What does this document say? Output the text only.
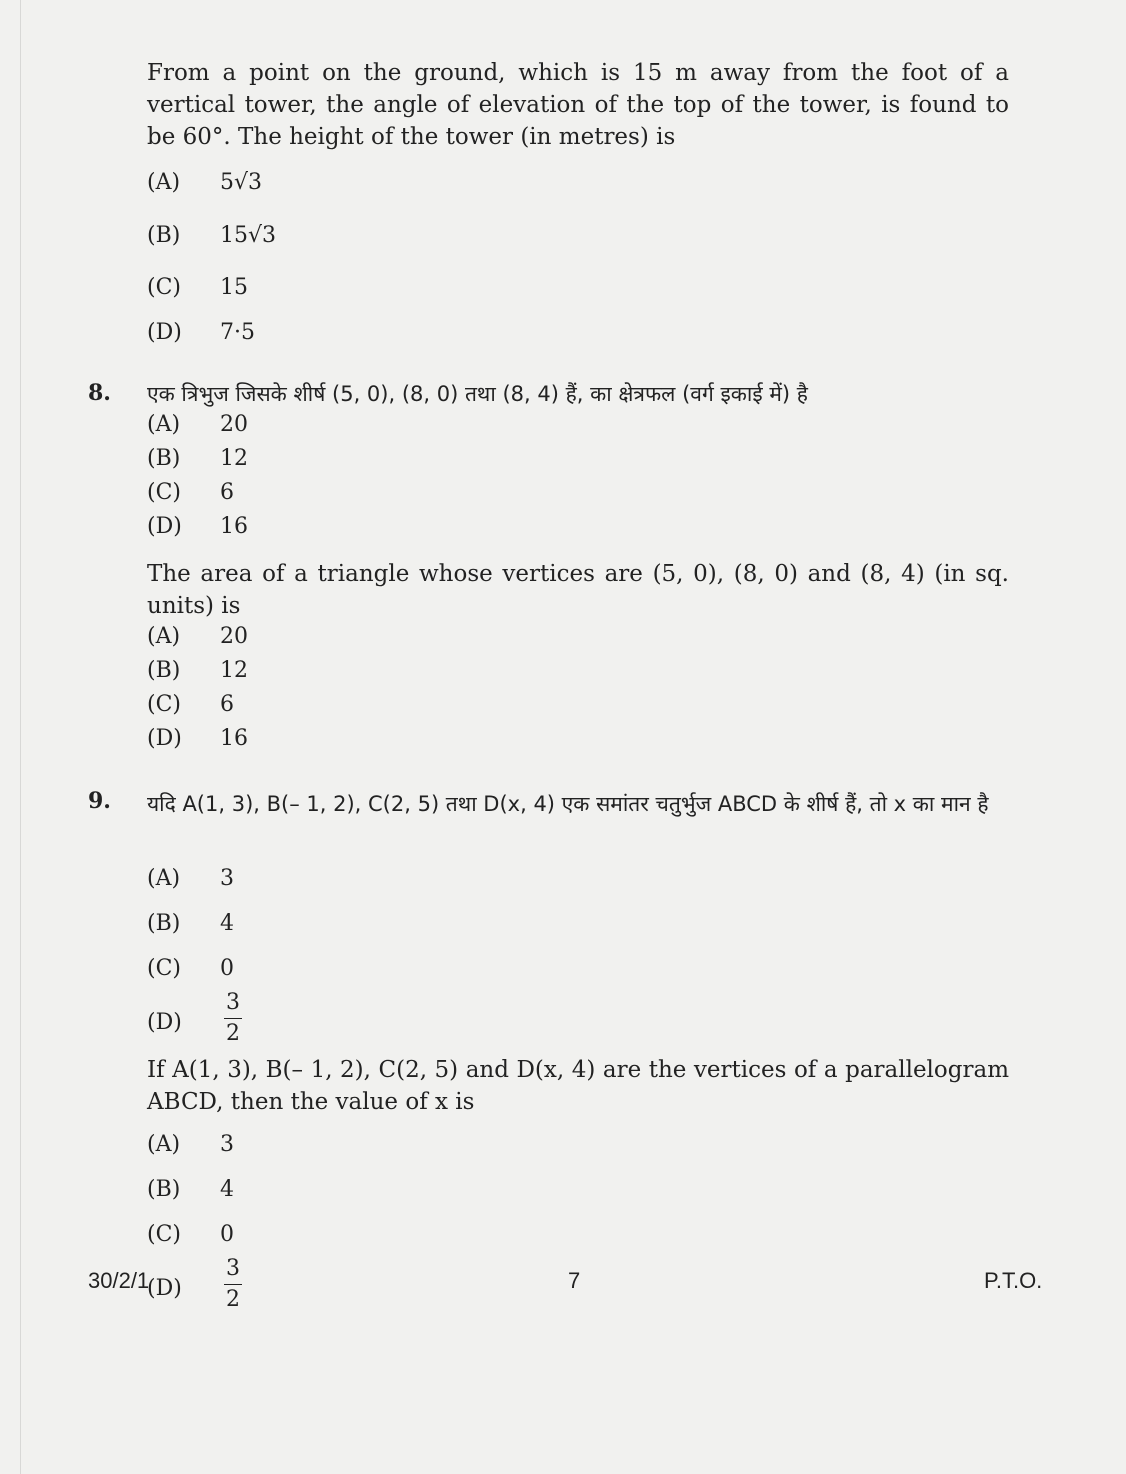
From a point on the ground, which is 15 m away from the foot of a vertical tower, the angle of elevation of the top of the tower, is found to be 60°. The height of the tower (in metres) is
(A) 5√3
(B) 15√3
(C) 15
(D) 7·5
8. एक त्रिभुज जिसके शीर्ष (5, 0), (8, 0) तथा (8, 4) हैं, का क्षेत्रफल (वर्ग इकाई में) है
(A) 20
(B) 12
(C) 6
(D) 16
The area of a triangle whose vertices are (5, 0), (8, 0) and (8, 4) (in sq. units) is
(A) 20
(B) 12
(C) 6
(D) 16
9. यदि A(1, 3), B(– 1, 2), C(2, 5) तथा D(x, 4) एक समांतर चतुर्भुज ABCD के शीर्ष हैं, तो x का मान है
(A) 3
(B) 4
(C) 0
$(D) \frac{3}{2}$
If A(1, 3), B(– 1, 2), C(2, 5) and D(x, 4) are the vertices of a parallelogram ABCD, then the value of x is
(A) 3
(B) 4
(C) 0
$(D) \frac{3}{2}$
30/2/1	7	P.T.O.
